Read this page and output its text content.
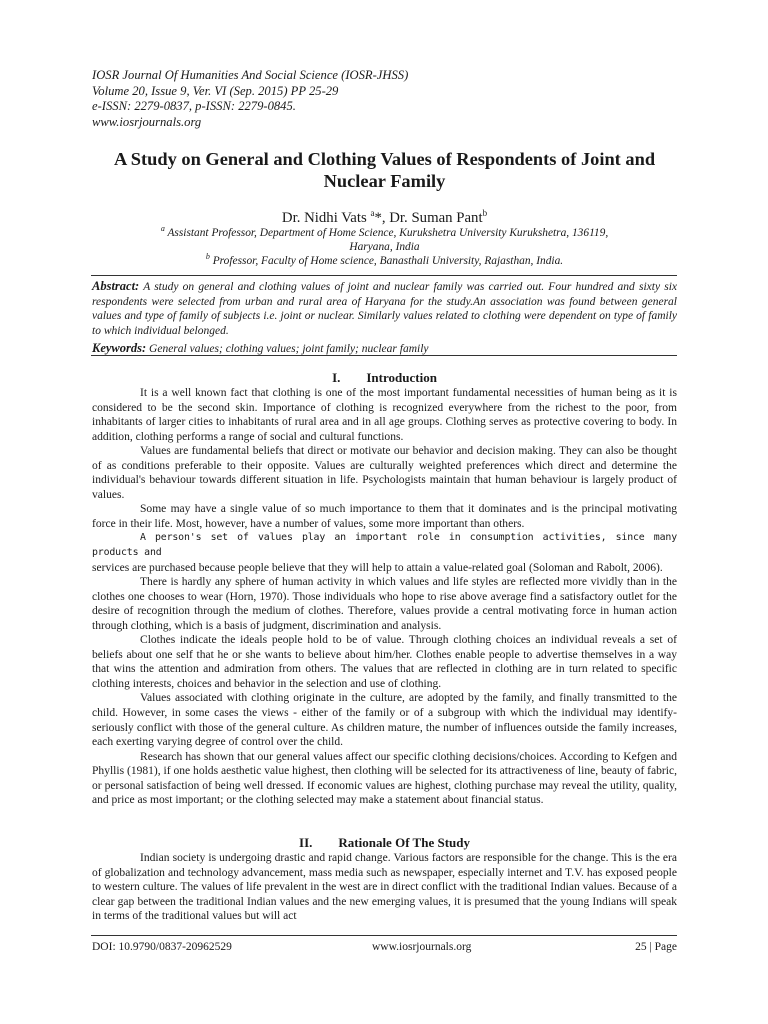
IOSR Journal Of Humanities And Social Science (IOSR-JHSS)
Volume 20, Issue 9, Ver. VI (Sep. 2015) PP 25-29
e-ISSN: 2279-0837, p-ISSN: 2279-0845.
www.iosrjournals.org
A Study on General and Clothing Values of Respondents of Joint and Nuclear Family
Dr. Nidhi Vats $^a$*, Dr. Suman Pant$^b$
$^a$ Assistant Professor, Department of Home Science, Kurukshetra University Kurukshetra, 136119,
Haryana, India
$^b$ Professor, Faculty of Home science, Banasthali University, Rajasthan, India.
Abstract: A study on general and clothing values of joint and nuclear family was carried out. Four hundred and sixty six respondents were selected from urban and rural area of Haryana for the study.An association was found between general values and type of family of subjects i.e. joint or nuclear. Similarly values related to clothing were dependent on type of family to which individual belonged.
Keywords: General values; clothing values; joint family; nuclear family
I. Introduction

It is a well known fact that clothing is one of the most important fundamental necessities of human being as it is considered to be the second skin. Importance of clothing is recognized everywhere from the richest to the poor, from inhabitants of larger cities to inhabitants of rural area and in all age groups. Clothing serves as protective covering to body. In addition, clothing performs a range of social and cultural functions.

Values are fundamental beliefs that direct or motivate our behavior and decision making. They can also be thought of as conditions preferable to their opposite. Values are culturally weighted preferences which direct and determine the individual's behaviour towards different situation in life. Psychologists maintain that human behaviour is largely product of values.

Some may have a single value of so much importance to them that it dominates and is the principal motivating force in their life. Most, however, have a number of values, some more important than others.

A person's set of values play an important role in consumption activities, since many products and

services are purchased because people believe that they will help to attain a value-related goal (Soloman and Rabolt, 2006).

There is hardly any sphere of human activity in which values and life styles are reflected more vividly than in the clothes one chooses to wear (Horn, 1970). Those individuals who hope to rise above average find a satisfactory outlet for the desire of recognition through the medium of clothes. Therefore, values provide a central motivating force in human action through clothing, which is a basis of judgment, discrimination and analysis.

Clothes indicate the ideals people hold to be of value. Through clothing choices an individual reveals a set of beliefs about one self that he or she wants to believe about him/her. Clothes enable people to advertise themselves in a way that wins the attention and admiration from others. The values that are reflected in clothing are in turn related to specific clothing interests, choices and behavior in the selection and use of clothing.

Values associated with clothing originate in the culture, are adopted by the family, and finally transmitted to the child. However, in some cases the views - either of the family or of a subgroup with which the individual may identify- seriously conflict with those of the general culture. As children mature, the number of influences outside the family increases, each exerting varying degree of control over the child.

Research has shown that our general values affect our specific clothing decisions/choices. According to Kefgen and Phyllis (1981), if one holds aesthetic value highest, then clothing will be selected for its attractiveness of line, beauty of fabric, or personal satisfaction of being well dressed. If economic values are highest, clothing purchase may reveal the utility, quality, and price as most important; or the clothing selected may make a statement about financial status.

II. Rationale Of The Study

Indian society is undergoing drastic and rapid change. Various factors are responsible for the change. This is the era of globalization and technology advancement, mass media such as newspaper, especially internet and T.V. has exposed people to western culture. The values of life prevalent in the west are in direct conflict with the traditional Indian values. Because of a clear gap between the traditional Indian values and the new emerging values, it is presumed that the young Indians will speak in terms of the traditional values but will act

DOI: 10.9790/0837-20962529	www.iosrjournals.org	25 | Page
